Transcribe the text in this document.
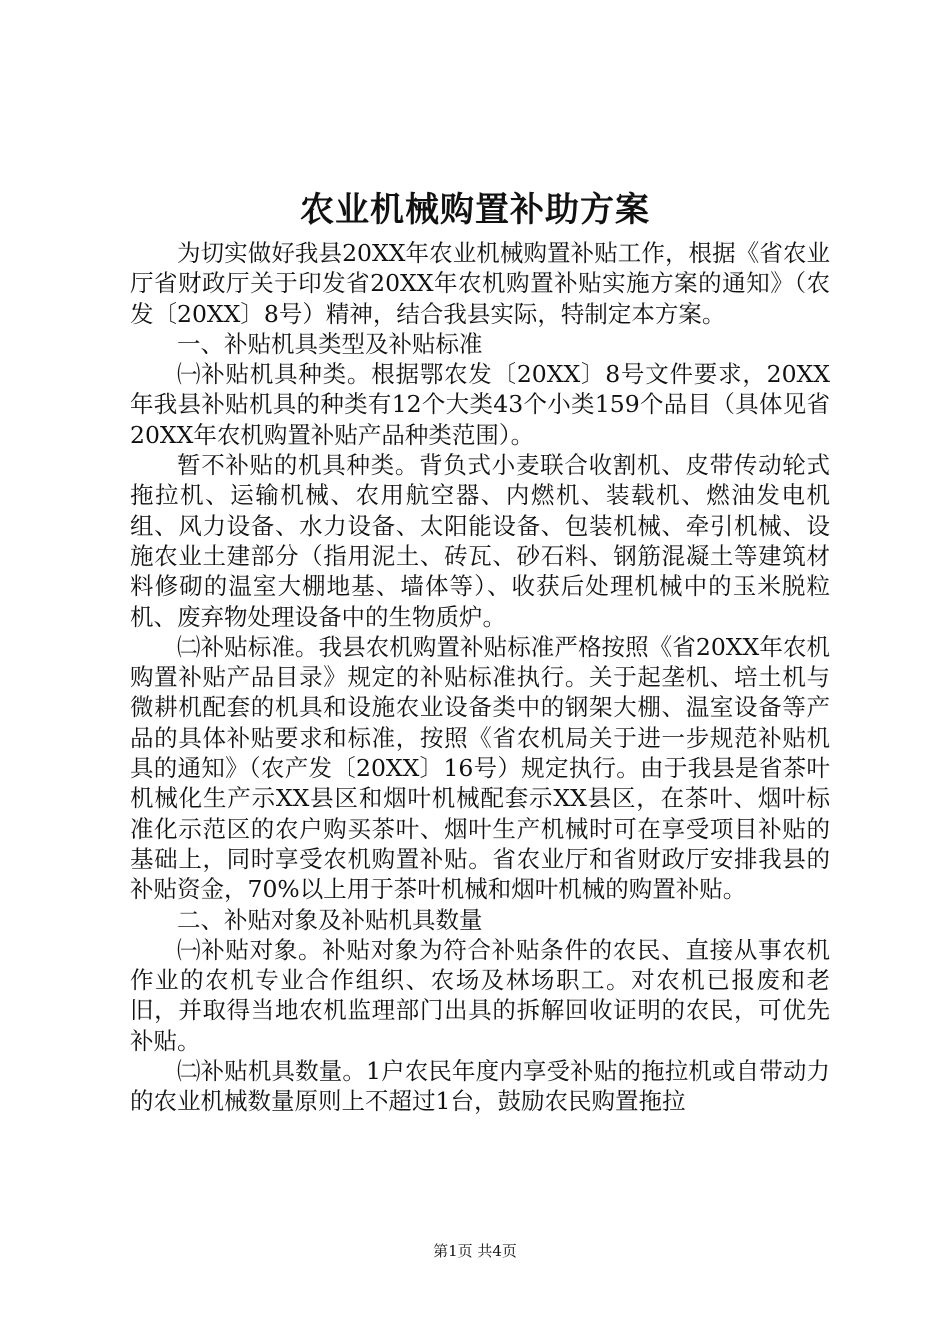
农业机械购置补助方案

为切实做好我县20XX年农业机械购置补贴工作，根据《省农业厅省财政厅关于印发省20XX年农机购置补贴实施方案的通知》（农发〔20XX〕8号）精神，结合我县实际，特制定本方案。

一、补贴机具类型及补贴标准

㈠补贴机具种类。根据鄂农发〔20XX〕8号文件要求，20XX年我县补贴机具的种类有12个大类43个小类159个品目（具体见省20XX年农机购置补贴产品种类范围）。

暂不补贴的机具种类。背负式小麦联合收割机、皮带传动轮式拖拉机、运输机械、农用航空器、内燃机、装载机、燃油发电机组、风力设备、水力设备、太阳能设备、包装机械、牵引机械、设施农业土建部分（指用泥土、砖瓦、砂石料、钢筋混凝土等建筑材料修砌的温室大棚地基、墙体等）、收获后处理机械中的玉米脱粒机、废弃物处理设备中的生物质炉。

㈡补贴标准。我县农机购置补贴标准严格按照《省20XX年农机购置补贴产品目录》规定的补贴标准执行。关于起垄机、培土机与微耕机配套的机具和设施农业设备类中的钢架大棚、温室设备等产品的具体补贴要求和标准，按照《省农机局关于进一步规范补贴机具的通知》（农产发〔20XX〕16号）规定执行。由于我县是省茶叶机械化生产示XX县区和烟叶机械配套示XX县区，在茶叶、烟叶标准化示范区的农户购买茶叶、烟叶生产机械时可在享受项目补贴的基础上，同时享受农机购置补贴。省农业厅和省财政厅安排我县的补贴资金，70%以上用于茶叶机械和烟叶机械的购置补贴。

二、补贴对象及补贴机具数量

㈠补贴对象。补贴对象为符合补贴条件的农民、直接从事农机作业的农机专业合作组织、农场及林场职工。对农机已报废和老旧，并取得当地农机监理部门出具的拆解回收证明的农民，可优先补贴。

㈡补贴机具数量。1户农民年度内享受补贴的拖拉机或自带动力的农业机械数量原则上不超过1台，鼓励农民购置拖拉

第1页 共4页
